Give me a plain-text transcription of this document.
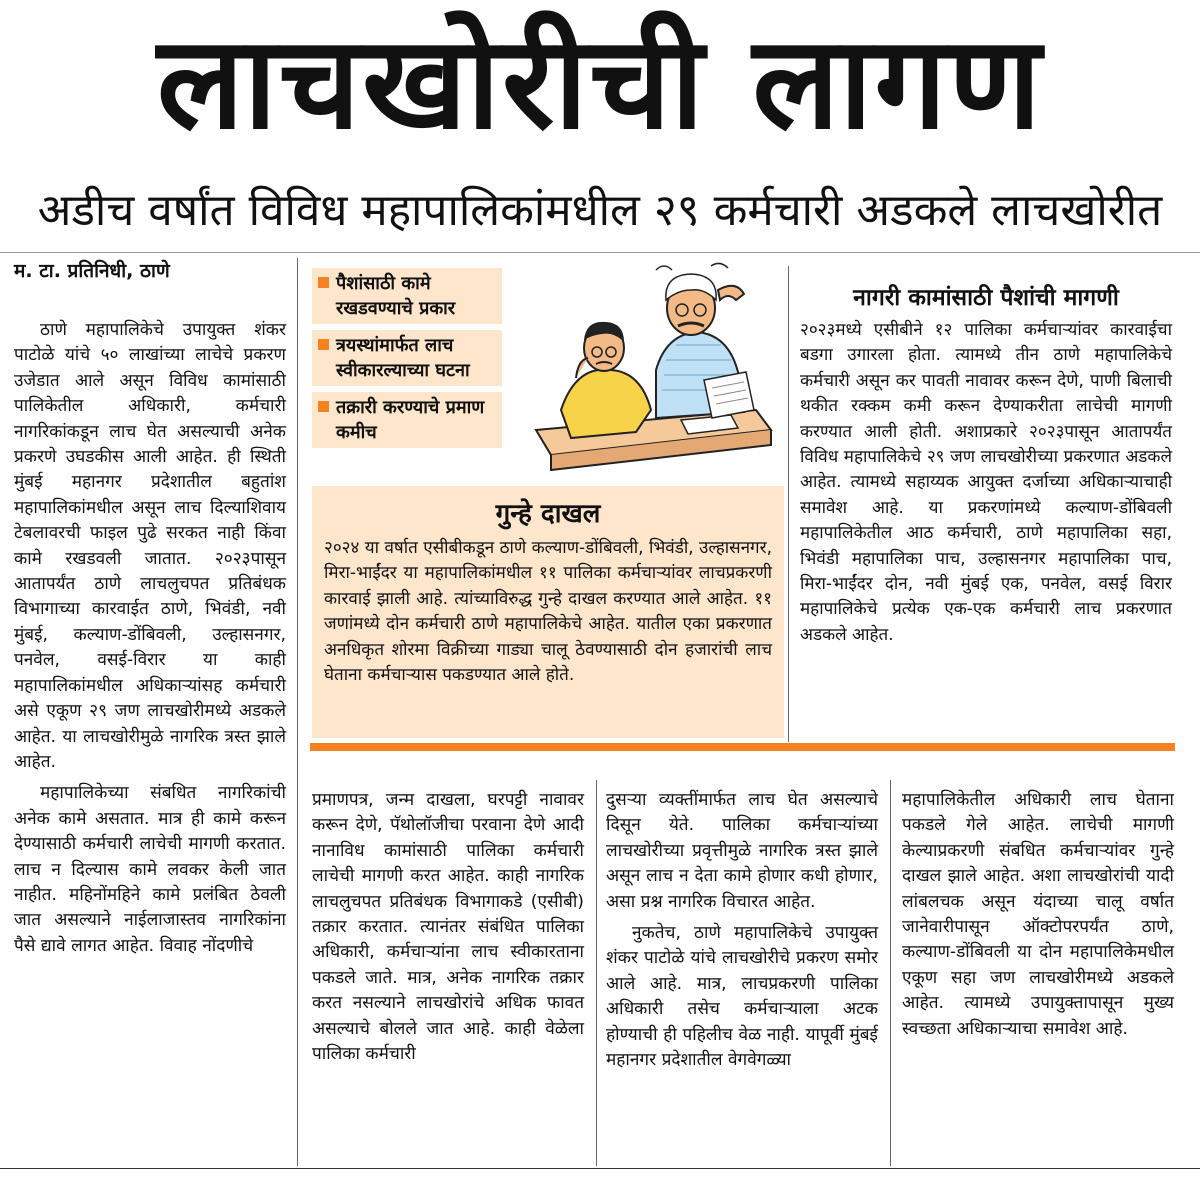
लाचखोरीची लागण
अडीच वर्षांत विविध महापालिकांमधील २९ कर्मचारी अडकले लाचखोरीत
म. टा. प्रतिनिधी, ठाणे

ठाणे महापालिकेचे उपायुक्त शंकर पाटोळे यांचे ५० लाखांच्या लाचेचे प्रकरण उजेडात आले असून विविध कामांसाठी पालिकेतील अधिकारी, कर्मचारी नागरिकांकडून लाच घेत असल्याची अनेक प्रकरणे उघडकीस आली आहेत. ही स्थिती मुंबई महानगर प्रदेशातील बहुतांश महापालिकांमधील असून लाच दिल्याशिवाय टेबलावरची फाइल पुढे सरकत नाही किंवा कामे रखडवली जातात. २०२३पासून आतापर्यंत ठाणे लाचलुचपत प्रतिबंधक विभागाच्या कारवाईत ठाणे, भिवंडी, नवी मुंबई, कल्याण-डोंबिवली, उल्हासनगर, पनवेल, वसई-विरार या काही महापालिकांमधील अधिकाऱ्यांसह कर्मचारी असे एकूण २९ जण लाचखोरीमध्ये अडकले आहेत. या लाचखोरीमुळे नागरिक त्रस्त झाले आहेत.

महापालिकेच्या संबधित नागरिकांची अनेक कामे असतात. मात्र ही कामे करून देण्यासाठी कर्मचारी लाचेची मागणी करतात. लाच न दिल्यास कामे लवकर केली जात नाहीत. महिनोंमहिने कामे प्रलंबित ठेवली जात असल्याने नाईलाजास्तव नागरिकांना पैसे द्यावे लागत आहेत. विवाह नोंदणीचे

पैशांसाठी कामे रखडवण्याचे प्रकार
त्रयस्थांमार्फत लाच स्वीकारल्याच्या घटना
तक्रारी करण्याचे प्रमाण कमीच
गुन्हे दाखल
२०२४ या वर्षात एसीबीकडून ठाणे कल्याण-डोंबिवली, भिवंडी, उल्हासनगर, मिरा-भाईंदर या महापालिकांमधील ११ पालिका कर्मचाऱ्यांवर लाचप्रकरणी कारवाई झाली आहे. त्यांच्याविरुद्ध गुन्हे दाखल करण्यात आले आहेत. ११ जणांमध्ये दोन कर्मचारी ठाणे महापालिकेचे आहेत. यातील एका प्रकरणात अनधिकृत शोरमा विक्रीच्या गाड्या चालू ठेवण्यासाठी दोन हजारांची लाच घेताना कर्मचाऱ्यास पकडण्यात आले होते.
नागरी कामांसाठी पैशांची मागणी
२०२३मध्ये एसीबीने १२ पालिका कर्मचाऱ्यांवर कारवाईचा बडगा उगारला होता. त्यामध्ये तीन ठाणे महापालिकेचे कर्मचारी असून कर पावती नावावर करून देणे, पाणी बिलाची थकीत रक्कम कमी करून देण्याकरीता लाचेची मागणी करण्यात आली होती. अशाप्रकारे २०२३पासून आतापर्यंत विविध महापालिकेचे २९ जण लाचखोरीच्या प्रकरणात अडकले आहेत. त्यामध्ये सहाय्यक आयुक्त दर्जाच्या अधिकाऱ्याचाही समावेश आहे. या प्रकरणांमध्ये कल्याण-डोंबिवली महापालिकेतील आठ कर्मचारी, ठाणे महापालिका सहा, भिवंडी महापालिका पाच, उल्हासनगर महापालिका पाच, मिरा-भाईंदर दोन, नवी मुंबई एक, पनवेल, वसई विरार महापालिकेचे प्रत्येक एक-एक कर्मचारी लाच प्रकरणात अडकले आहेत.

प्रमाणपत्र, जन्म दाखला, घरपट्टी नावावर करून देणे, पॅथोलॉजीचा परवाना देणे आदी नानाविध कामांसाठी पालिका कर्मचारी लाचेची मागणी करत आहेत. काही नागरिक लाचलुचपत प्रतिबंधक विभागाकडे (एसीबी) तक्रार करतात. त्यानंतर संबंधित पालिका अधिकारी, कर्मचाऱ्यांना लाच स्वीकारताना पकडले जाते. मात्र, अनेक नागरिक तक्रार करत नसल्याने लाचखोरांचे अधिक फावत असल्याचे बोलले जात आहे. काही वेळेला पालिका कर्मचारी

दुसऱ्या व्यक्तींमार्फत लाच घेत असल्याचे दिसून येते. पालिका कर्मचाऱ्यांच्या लाचखोरीच्या प्रवृत्तीमुळे नागरिक त्रस्त झाले असून लाच न देता कामे होणार कधी होणार, असा प्रश्न नागरिक विचारत आहेत.

नुकतेच, ठाणे महापालिकेचे उपायुक्त शंकर पाटोळे यांचे लाचखोरीचे प्रकरण समोर आले आहे. मात्र, लाचप्रकरणी पालिका अधिकारी तसेच कर्मचाऱ्याला अटक होण्याची ही पहिलीच वेळ नाही. यापूर्वी मुंबई महानगर प्रदेशातील वेगवेगळ्या

महापालिकेतील अधिकारी लाच घेताना पकडले गेले आहेत. लाचेची मागणी केल्याप्रकरणी संबधित कर्मचाऱ्यांवर गुन्हे दाखल झाले आहेत. अशा लाचखोरांची यादी लांबलचक असून यंदाच्या चालू वर्षात जानेवारीपासून ऑक्टोपरपर्यंत ठाणे, कल्याण-डोंबिवली या दोन महापालिकेमधील एकूण सहा जण लाचखोरीमध्ये अडकले आहेत. त्यामध्ये उपायुक्तापासून मुख्य स्वच्छता अधिकाऱ्याचा समावेश आहे.
